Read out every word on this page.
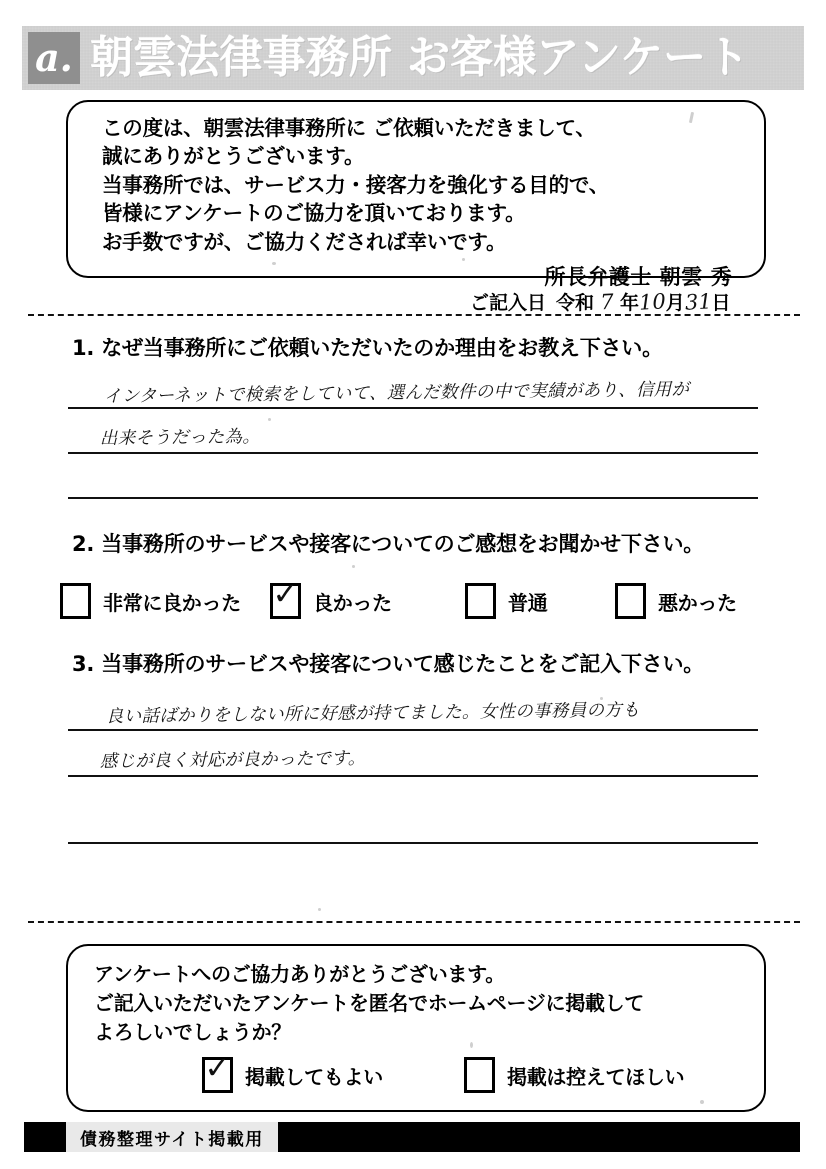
a. 朝雲法律事務所 お客様アンケート
この度は、朝雲法律事務所に ご依頼いただきまして、
誠にありがとうございます。
当事務所では、サービス力・接客力を強化する目的で、
皆様にアンケートのご協力を頂いております。
お手数ですが、ご協力くだされば幸いです。
所長弁護士 朝雲 秀
ご記入日 令和 7 年 10 月 31 日
1. なぜ当事務所にご依頼いただいたのか理由をお教え下さい。
インターネットで検索をしていて、選んだ数件の中で実績があり、信用が
出来そうだった為。
2. 当事務所のサービスや接客についてのご感想をお聞かせ下さい。
非常に良かった ✓ 良かった	普通	悪かった
3. 当事務所のサービスや接客について感じたことをご記入下さい。
良い話ばかりをしない所に好感が持てました。女性の事務員の方も
感じが良く対応が良かったです。
アンケートへのご協力ありがとうございます。
ご記入いただいたアンケートを匿名でホームページに掲載して
よろしいでしょうか？
✓ 掲載してもよい	掲載は控えてほしい
債務整理サイト掲載用
